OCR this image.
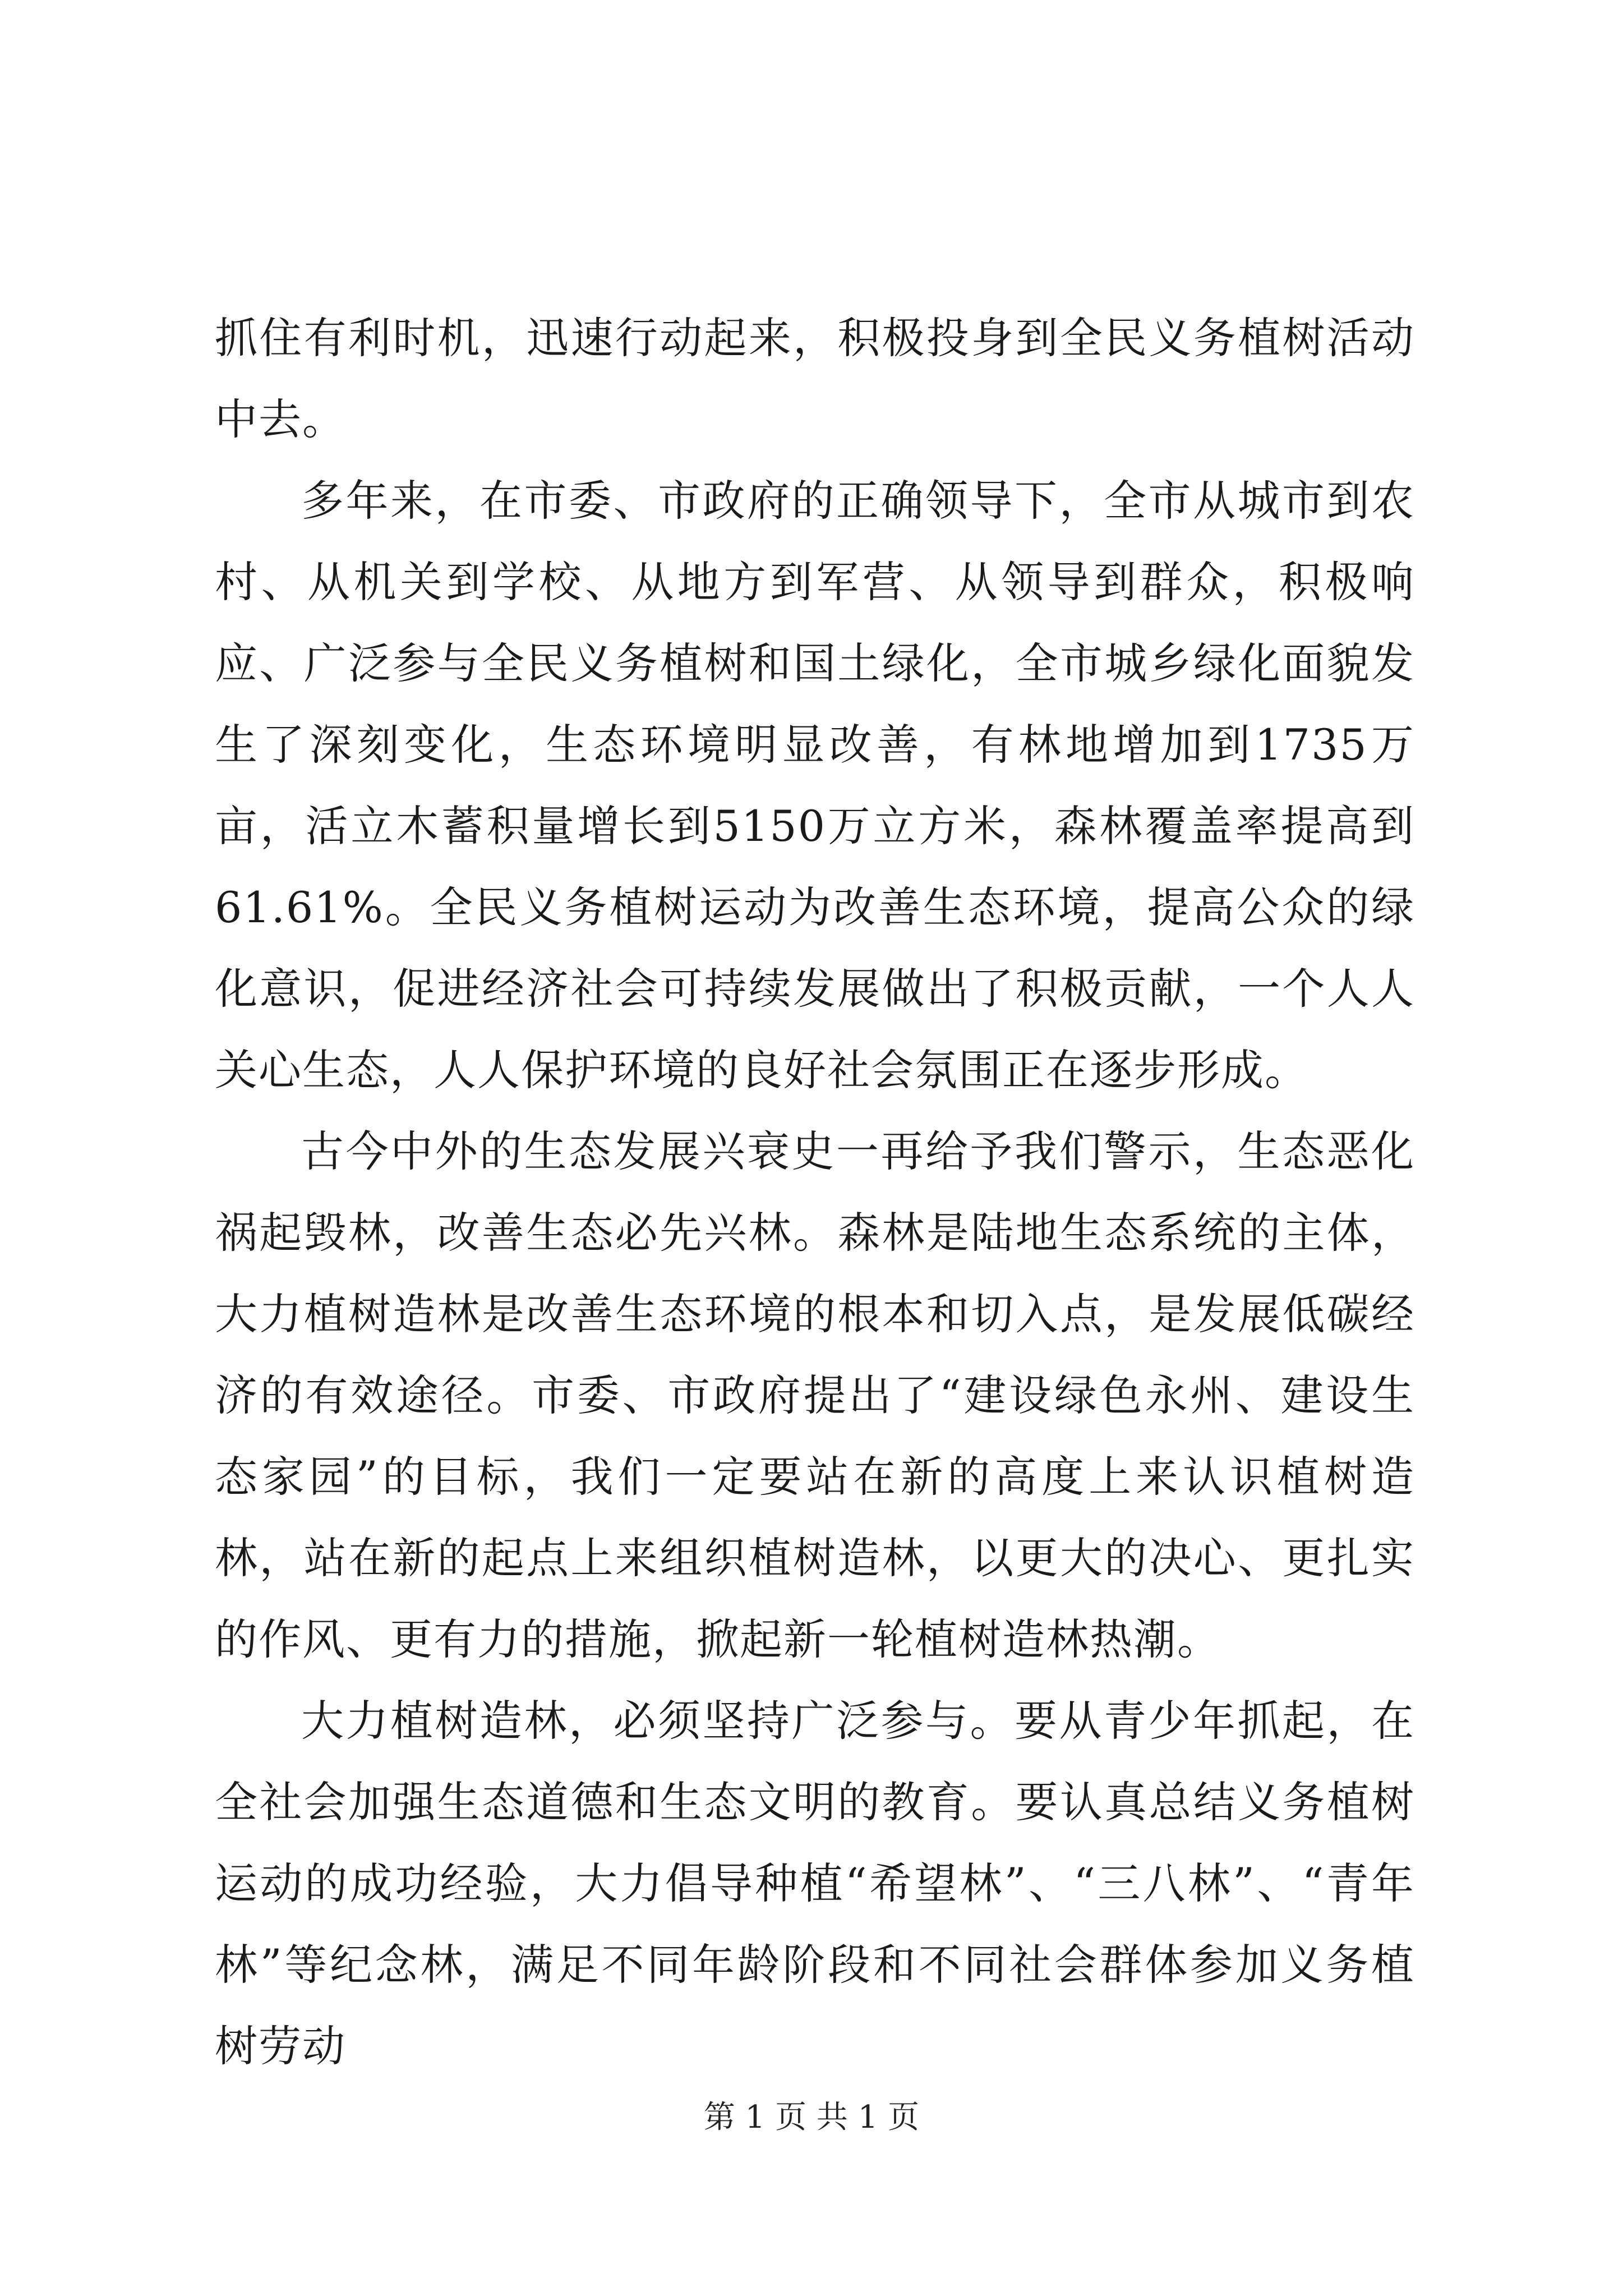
抓住有利时机，迅速行动起来，积极投身到全民义务植树活动中去。

多年来，在市委、市政府的正确领导下，全市从城市到农村、从机关到学校、从地方到军营、从领导到群众，积极响应、广泛参与全民义务植树和国土绿化，全市城乡绿化面貌发生了深刻变化，生态环境明显改善，有林地增加到1735万亩，活立木蓄积量增长到5150万立方米，森林覆盖率提高到61.61%。全民义务植树运动为改善生态环境，提高公众的绿化意识，促进经济社会可持续发展做出了积极贡献，一个人人关心生态，人人保护环境的良好社会氛围正在逐步形成。

古今中外的生态发展兴衰史一再给予我们警示，生态恶化祸起毁林，改善生态必先兴林。森林是陆地生态系统的主体，大力植树造林是改善生态环境的根本和切入点，是发展低碳经济的有效途径。市委、市政府提出了“建设绿色永州、建设生态家园”的目标，我们一定要站在新的高度上来认识植树造林，站在新的起点上来组织植树造林，以更大的决心、更扎实的作风、更有力的措施，掀起新一轮植树造林热潮。

大力植树造林，必须坚持广泛参与。要从青少年抓起，在全社会加强生态道德和生态文明的教育。要认真总结义务植树运动的成功经验，大力倡导种植“希望林”、“三八林”、“青年林”等纪念林，满足不同年龄阶段和不同社会群体参加义务植树劳动

第 1 页 共 1 页
